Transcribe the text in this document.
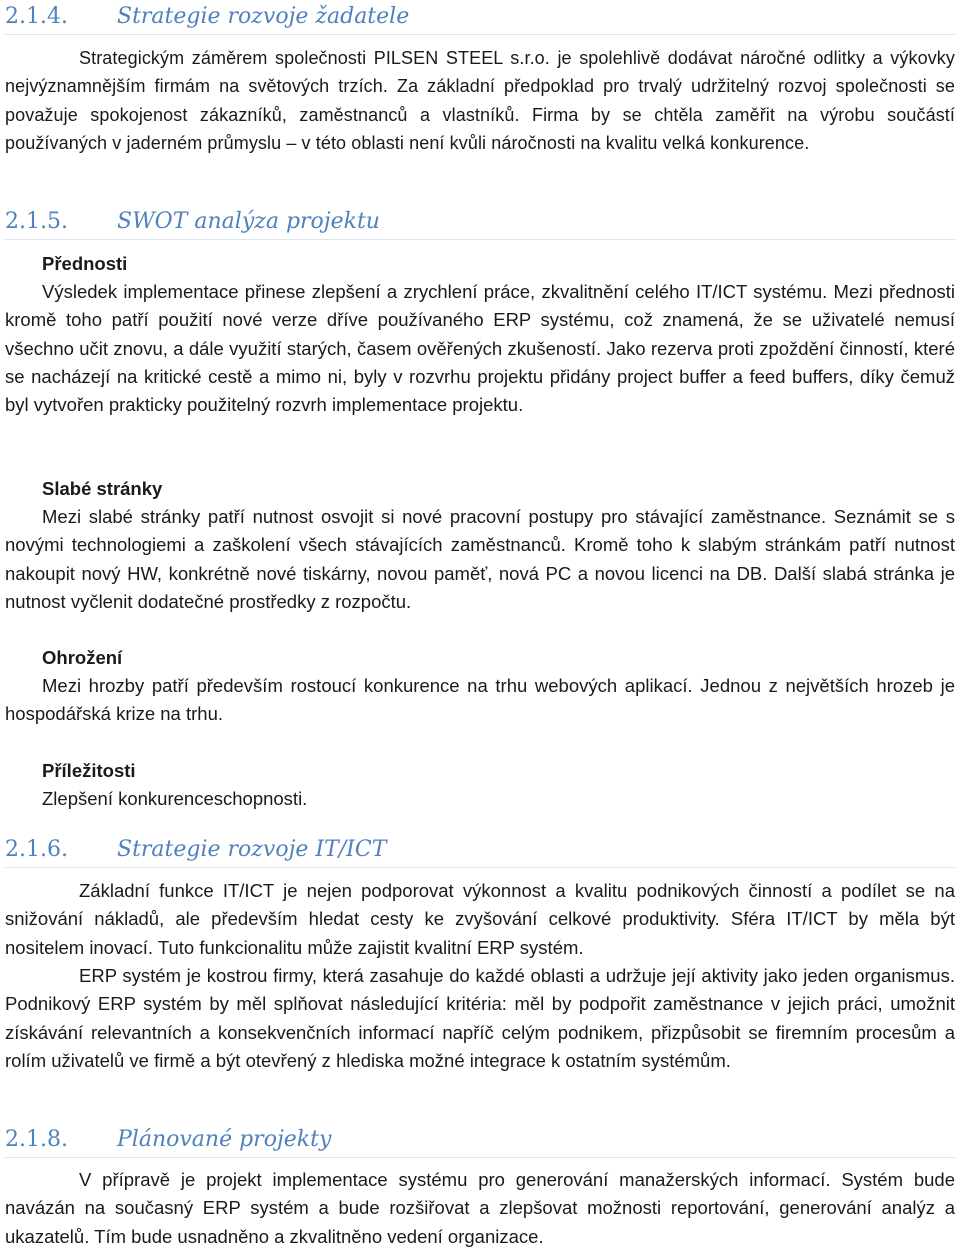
2.1.4. Strategie rozvoje žadatele

Strategickým záměrem společnosti PILSEN STEEL s.r.o. je spolehlivě dodávat náročné odlitky a výkovky nejvýznamnějším firmám na světových trzích. Za základní předpoklad pro trvalý udržitelný rozvoj společnosti se považuje spokojenost zákazníků, zaměstnanců a vlastníků. Firma by se chtěla zaměřit na výrobu součástí používaných v jaderném průmyslu – v této oblasti není kvůli náročnosti na kvalitu velká konkurence.

2.1.5. SWOT analýza projektu
Přednosti

Výsledek implementace přinese zlepšení a zrychlení práce, zkvalitnění celého IT/ICT systému. Mezi přednosti kromě toho patří použití nové verze dříve používaného ERP systému, což znamená, že se uživatelé nemusí všechno učit znovu, a dále využití starých, časem ověřených zkušeností. Jako rezerva proti zpoždění činností, které se nacházejí na kritické cestě a mimo ni, byly v rozvrhu projektu přidány project buffer a feed buffers, díky čemuž byl vytvořen prakticky použitelný rozvrh implementace projektu.

Slabé stránky

Mezi slabé stránky patří nutnost osvojit si nové pracovní postupy pro stávající zaměstnance. Seznámit se s novými technologiemi a zaškolení všech stávajících zaměstnanců. Kromě toho k slabým stránkám patří nutnost nakoupit nový HW, konkrétně nové tiskárny, novou paměť, nová PC a novou licenci na DB. Další slabá stránka je nutnost vyčlenit dodatečné prostředky z rozpočtu.

Ohrožení

Mezi hrozby patří především rostoucí konkurence na trhu webových aplikací. Jednou z největších hrozeb je hospodářská krize na trhu.

Příležitosti

Zlepšení konkurenceschopnosti.

2.1.6. Strategie rozvoje IT/ICT

Základní funkce IT/ICT je nejen podporovat výkonnost a kvalitu podnikových činností a podílet se na snižování nákladů, ale především hledat cesty ke zvyšování celkové produktivity. Sféra IT/ICT by měla být nositelem inovací. Tuto funkcionalitu může zajistit kvalitní ERP systém.

ERP systém je kostrou firmy, která zasahuje do každé oblasti a udržuje její aktivity jako jeden organismus. Podnikový ERP systém by měl splňovat následující kritéria: měl by podpořit zaměstnance v jejich práci, umožnit získávání relevantních a konsekvenčních informací napříč celým podnikem, přizpůsobit se firemním procesům a rolím uživatelů ve firmě a být otevřený z hlediska možné integrace k ostatním systémům.

2.1.8. Plánované projekty

V přípravě je projekt implementace systému pro generování manažerských informací. Systém bude navázán na současný ERP systém a bude rozšiřovat a zlepšovat možnosti reportování, generování analýz a ukazatelů. Tím bude usnadněno a zkvalitněno vedení organizace.
